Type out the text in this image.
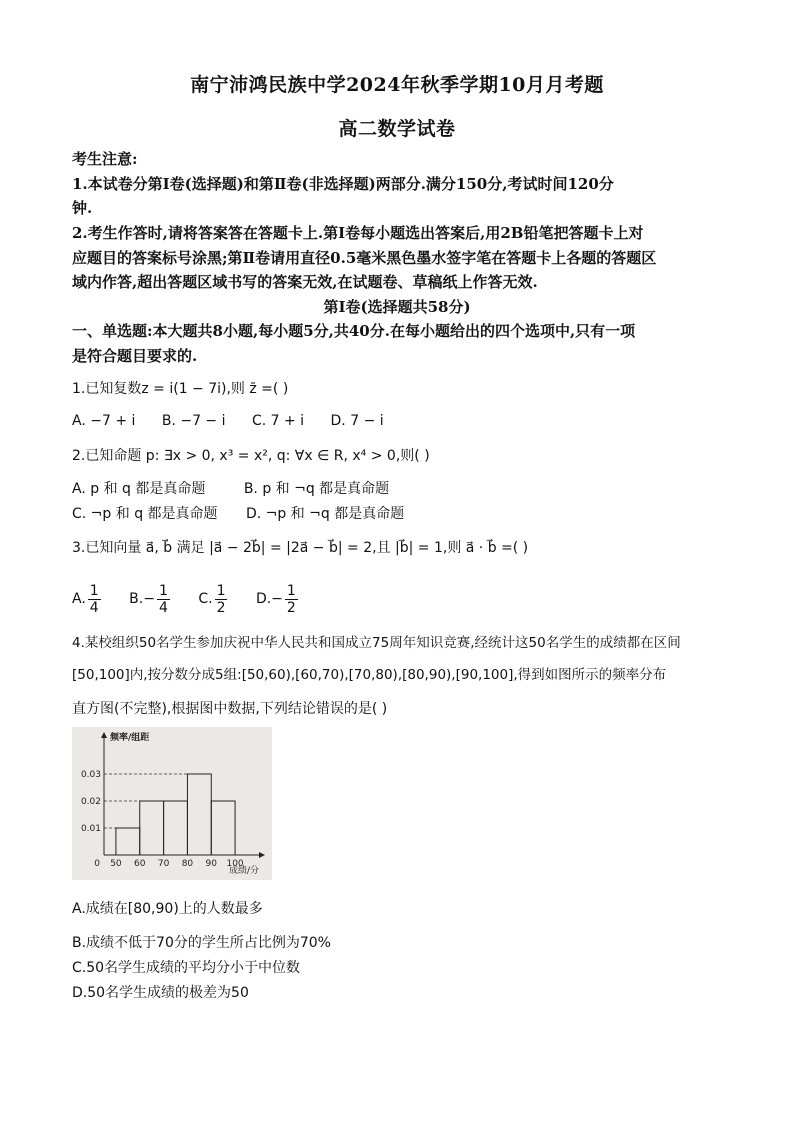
南宁沛鸿民族中学2024年秋季学期10月月考题
高二数学试卷
考生注意:
1.本试卷分第Ⅰ卷(选择题)和第Ⅱ卷(非选择题)两部分.满分150分,考试时间120分
钟.
2.考生作答时,请将答案答在答题卡上.第Ⅰ卷每小题选出答案后,用2B铅笔把答题卡上对
应题目的答案标号涂黑;第Ⅱ卷请用直径0.5毫米黑色墨水签字笔在答题卡上各题的答题区
域内作答,超出答题区域书写的答案无效,在试题卷、草稿纸上作答无效.
第Ⅰ卷(选择题共58分)
一、单选题:本大题共8小题,每小题5分,共40分.在每小题给出的四个选项中,只有一项
是符合题目要求的.
1.已知复数z = i(1 − 7i),则 z̄ =( )
A. −7 + i B. −7 − i C. 7 + i D. 7 − i
2.已知命题 p: ∃x > 0, x³ = x², q: ∀x ∈ R, x⁴ > 0,则( )
A. p 和 q 都是真命题	B. p 和 ¬q 都是真命题
C. ¬p 和 q 都是真命题 D. ¬p 和 ¬q 都是真命题
3.已知向量 a⃗, b⃗ 满足 |a⃗ − 2b⃗| = |2a⃗ − b⃗| = 2,且 |b⃗| = 1,则 a⃗ · b⃗ =( )
A. $\frac{1}{4} B.- \frac{1}{4} C$. $\frac{1}{2} D.- \frac{1}{2}$
4.某校组织50名学生参加庆祝中华人民共和国成立75周年知识竞赛,经统计这50名学生的成绩都在区间
[50,100]内,按分数分成5组:[50,60),[60,70),[70,80),[80,90),[90,100],得到如图所示的频率分布
直方图(不完整),根据图中数据,下列结论错误的是( )
0.01
0.02
0.03
50 60 70 80 90 100
0
频率/组距
成绩/分
A.成绩在[80,90)上的人数最多
B.成绩不低于70分的学生所占比例为70%
C.50名学生成绩的平均分小于中位数
D.50名学生成绩的极差为50
